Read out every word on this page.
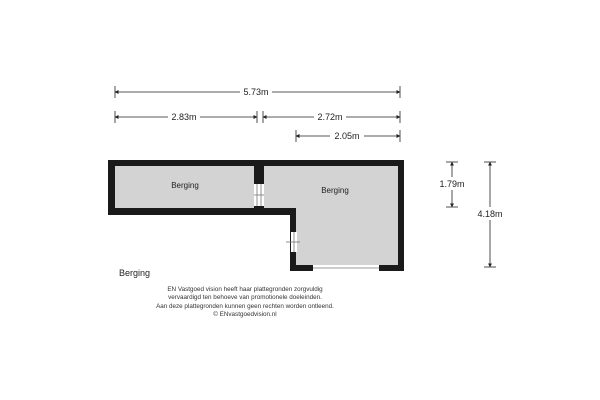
5.73m
2.83m	2.72m
2.05m
1.79m
4.18m
Berging
Berging
Berging
EN Vastgoed vision heeft haar plattegronden zorgvuldig
vervaardigd ten behoeve van promotionele doeleinden.
Aan deze plattegronden kunnen geen rechten worden ontleend.
© ENvastgoedvision.nl
